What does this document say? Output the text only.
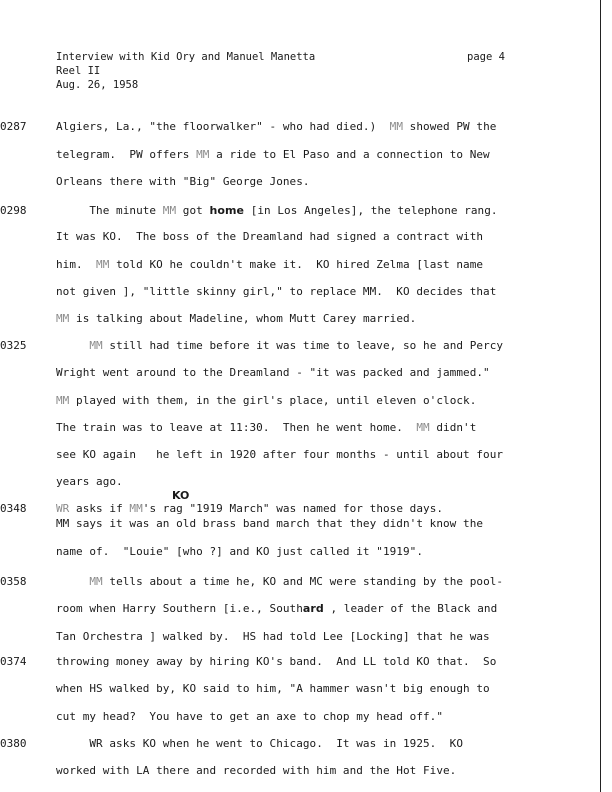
Interview with Kid Ory and Manuel Manetta
Reel II
Aug. 26, 1958
page 4
0287
0298
0325
0348
0358
0374
0380
KO
Algiers, La., "the floorwalker" - who had died.)  MM showed PW the
telegram.  PW offers MM a ride to El Paso and a connection to New
Orleans there with "Big" George Jones.
The minute MM got home [in Los Angeles], the telephone rang.
It was KO.  The boss of the Dreamland had signed a contract with
him.  MM told KO he couldn't make it.  KO hired Zelma [last name
not given ], "little skinny girl," to replace MM.  KO decides that
MM is talking about Madeline, whom Mutt Carey married.
MM still had time before it was time to leave, so he and Percy
Wright went around to the Dreamland - "it was packed and jammed."
MM played with them, in the girl's place, until eleven o'clock.
The train was to leave at 11:30.  Then he went home.  MM didn't
see KO again   he left in 1920 after four months - until about four
years ago.
WR asks if MM's rag "1919 March" was named for those days.
MM says it was an old brass band march that they didn't know the
name of.  "Louie" [who ?] and KO just called it "1919".
MM tells about a time he, KO and MC were standing by the pool-
room when Harry Southern [i.e., Southard , leader of the Black and
Tan Orchestra ] walked by.  HS had told Lee [Locking] that he was
throwing money away by hiring KO's band.  And LL told KO that.  So
when HS walked by, KO said to him, "A hammer wasn't big enough to
cut my head?  You have to get an axe to chop my head off."
WR asks KO when he went to Chicago.  It was in 1925.  KO
worked with LA there and recorded with him and the Hot Five.
